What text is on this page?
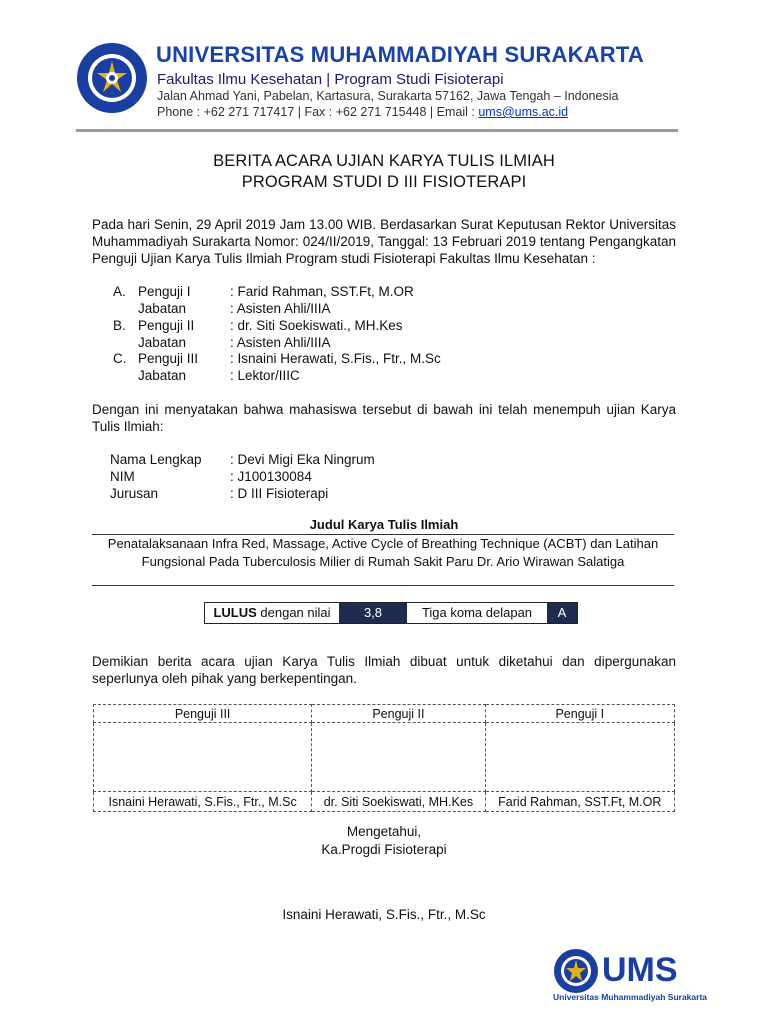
UNIVERSITAS MUHAMMADIYAH SURAKARTA
Fakultas Ilmu Kesehatan | Program Studi Fisioterapi
Jalan Ahmad Yani, Pabelan, Kartasura, Surakarta 57162, Jawa Tengah – Indonesia
Phone : +62 271 717417 | Fax : +62 271 715448 | Email : ums@ums.ac.id
BERITA ACARA UJIAN KARYA TULIS ILMIAH
PROGRAM STUDI D III FISIOTERAPI
Pada hari Senin, 29 April 2019 Jam 13.00 WIB. Berdasarkan Surat Keputusan Rektor Universitas Muhammadiyah Surakarta Nomor: 024/II/2019, Tanggal: 13 Februari 2019 tentang Pengangkatan Penguji Ujian Karya Tulis Ilmiah Program studi Fisioterapi Fakultas Ilmu Kesehatan :
A. Penguji I	: Farid Rahman, SST.Ft, M.OR
Jabatan	: Asisten Ahli/IIIA
B. Penguji II	: dr. Siti Soekiswati., MH.Kes
Jabatan	: Asisten Ahli/IIIA
C. Penguji III : Isnaini Herawati, S.Fis., Ftr., M.Sc
Jabatan	: Lektor/IIIC
Dengan ini menyatakan bahwa mahasiswa tersebut di bawah ini telah menempuh ujian Karya Tulis Ilmiah:
Nama Lengkap : Devi Migi Eka Ningrum
NIM	: J100130084
Jurusan	: D III Fisioterapi
Judul Karya Tulis Ilmiah
Penatalaksanaan Infra Red, Massage, Active Cycle of Breathing Technique (ACBT) dan Latihan
Fungsional Pada Tuberculosis Milier di Rumah Sakit Paru Dr. Ario Wirawan Salatiga
LULUS dengan nilai	3,8	Tiga koma delapan	A
Demikian berita acara ujian Karya Tulis Ilmiah dibuat untuk diketahui dan dipergunakan seperlunya oleh pihak yang berkepentingan.
Penguji III	Penguji II	Penguji I

Isnaini Herawati, S.Fis., Ftr., M.Sc	dr. Siti Soekiswati, MH.Kes	Farid Rahman, SST.Ft, M.OR
Mengetahui,
Ka.Progdi Fisioterapi
Isnaini Herawati, S.Fis., Ftr., M.Sc
UMS
Universitas Muhammadiyah Surakarta
